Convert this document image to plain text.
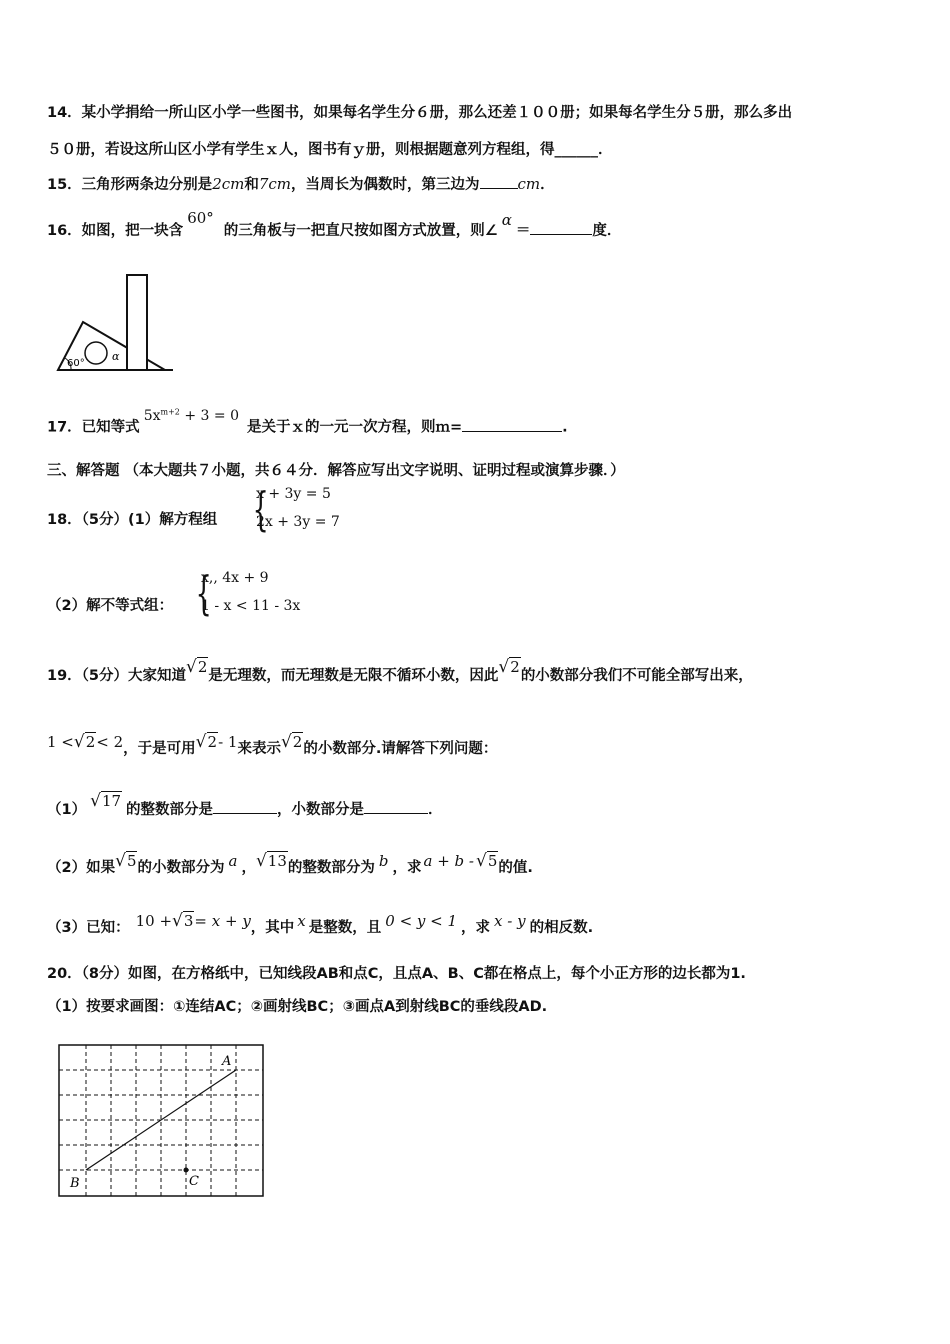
14．某小学捐给一所山区小学一些图书，如果每名学生分６册，那么还差１００册；如果每名学生分５册，那么多出
５０册，若设这所山区小学有学生ｘ人，图书有ｙ册，则根据题意列方程组，得______．
15．三角形两条边分别是2cm和7cm，当周长为偶数时，第三边为	cm．
16．如图，把一块含60°的三角板与一把直尺按如图方式放置，则∠α＝	度．
60°
α
17．已知等式$5x^{m+2} + 3 = 0$是关于ｘ的一元一次方程，则ｍ=	.
三、解答题 （本大题共７小题，共６４分．解答应写出文字说明、证明过程或演算步骤．）
18．（5分）(1）解方程组 {
x + 3y = 5
2x + 3y = 7
（2）解不等式组： {
x,, 4x + 9
1 - x < 11 - 3x
19．（5分）大家知道√2是无理数，而无理数是无限不循环小数，因此√2的小数部分我们不可能全部写出来，
1 <√2< 2，于是可用√2- 1来表示√2的小数部分.请解答下列问题：
（1） √17 的整数部分是	，小数部分是	．
（2）如果√5的小数部分为 a ，√13的整数部分为 b ，求 a + b - √5的值.
（3）已知： 10 +√3= x + y，其中 x 是整数，且 0 < y < 1 ，求 x - y 的相反数.
20．（8分）如图，在方格纸中，已知线段AB和点C，且点A、B、C都在格点上，每个小正方形的边长都为1.
（1）按要求画图：①连结AC；②画射线BC；③画点A到射线BC的垂线段AD.
A
B	C
